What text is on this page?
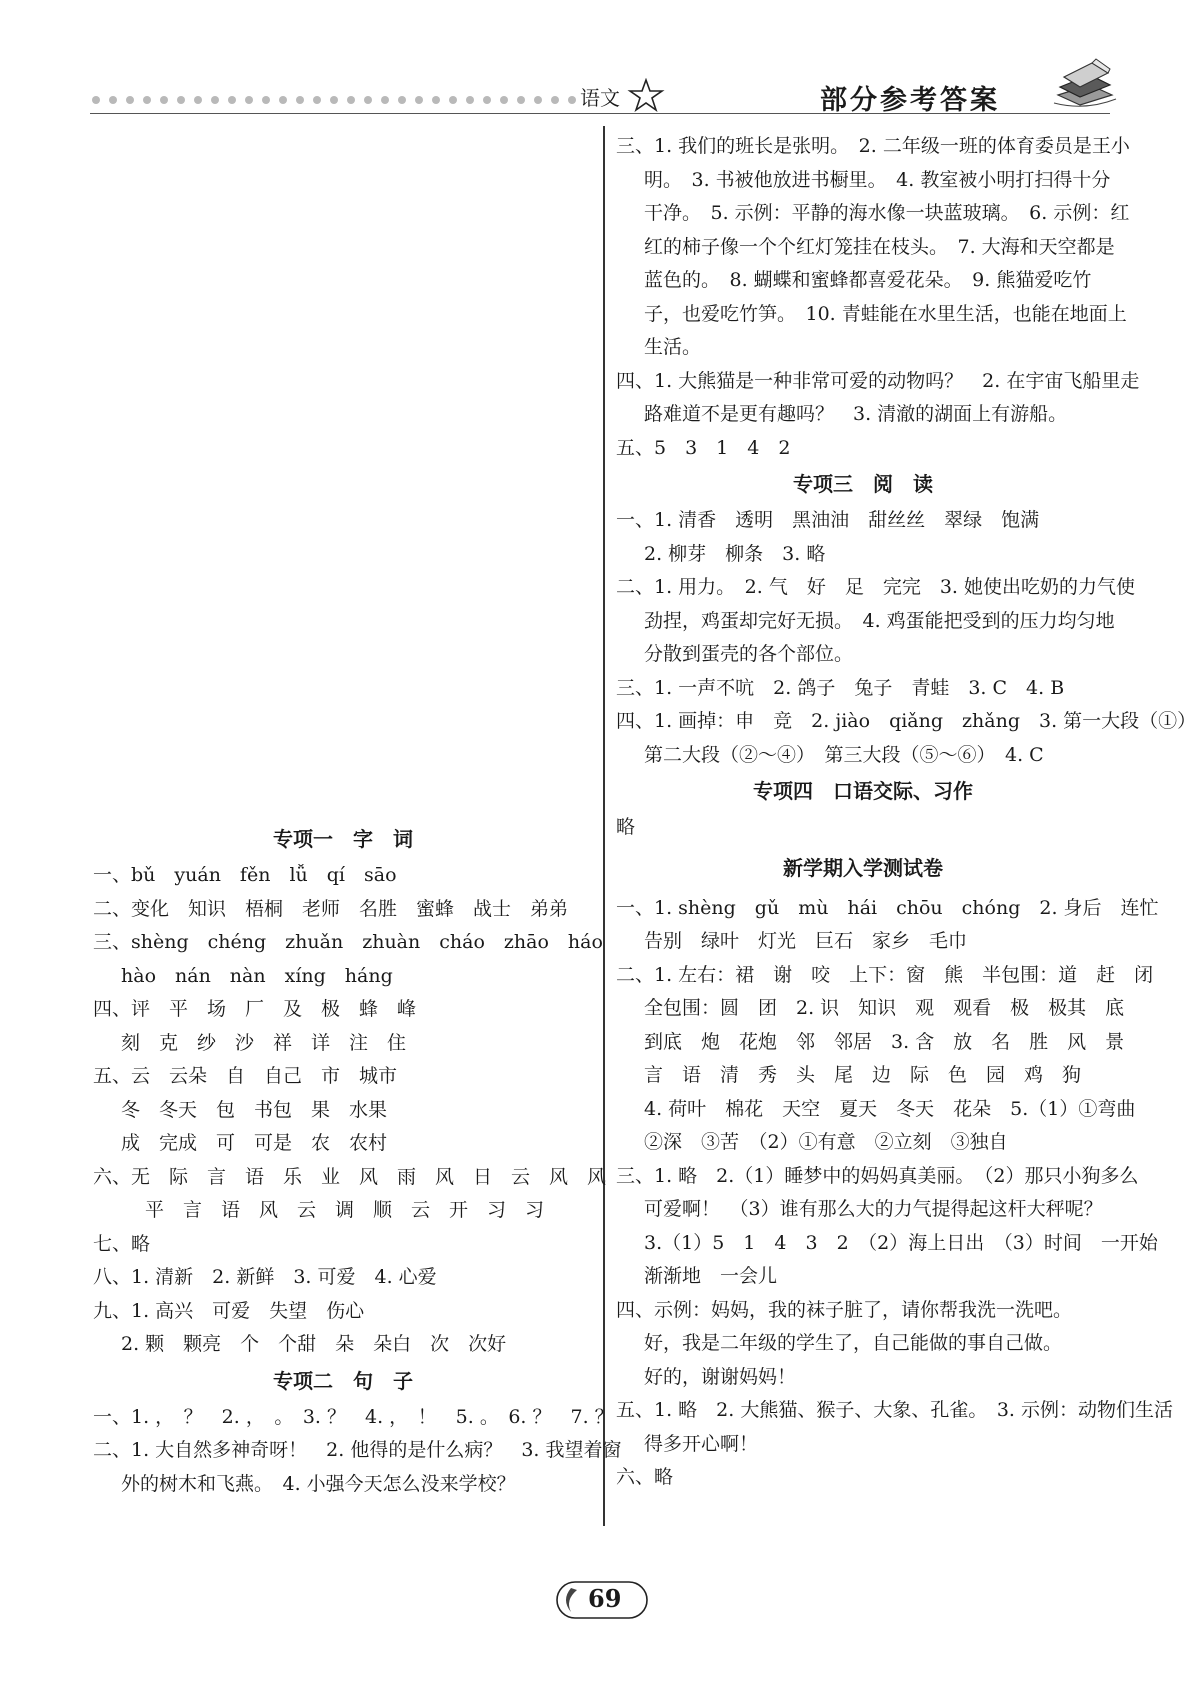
语文	部分参考答案
专项一　字　词
一、bǔ　yuán　fěn　lǚ　qí　sāo
二、变化　知识　梧桐　老师　名胜　蜜蜂　战士　弟弟
三、shèng　chéng　zhuǎn　zhuàn　cháo　zhāo　háo
hào　nán　nàn　xíng　háng
四、评　平　场　厂　及　极　蜂　峰
刻　克　纱　沙　祥　详　注　住
五、云　云朵　自　自己　市　城市
冬　冬天　包　书包　果　水果
成　完成　可　可是　农　农村
六、无　际　言　语　乐　业　风　雨　风　日　云　风　风
平　言　语　风　云　调　顺　云　开　习　习
七、略
八、1. 清新　2. 新鲜　3. 可爱　4. 心爱
九、1. 高兴　可爱　失望　伤心
2. 颗　颗亮　个　个甜　朵　朵白　次　次好
专项二　句　子
一、1. ，　？　2. ，　。　3. ？　4. ，　！　5. 。　6. ？　7. ？
二、1. 大自然多神奇呀！　2. 他得的是什么病？　3. 我望着窗
外的树木和飞燕。　4. 小强今天怎么没来学校？
三、1. 我们的班长是张明。　2. 二年级一班的体育委员是王小
明。　3. 书被他放进书橱里。　4. 教室被小明打扫得十分
干净。　5. 示例：平静的海水像一块蓝玻璃。　6. 示例：红
红的柿子像一个个红灯笼挂在枝头。　7. 大海和天空都是
蓝色的。　8. 蝴蝶和蜜蜂都喜爱花朵。　9. 熊猫爱吃竹
子，也爱吃竹笋。　10. 青蛙能在水里生活，也能在地面上
生活。
四、1. 大熊猫是一种非常可爱的动物吗？　2. 在宇宙飞船里走
路难道不是更有趣吗？　3. 清澈的湖面上有游船。
五、5　3　1　4　2
专项三　阅　读
一、1. 清香　透明　黑油油　甜丝丝　翠绿　饱满
2. 柳芽　柳条　3. 略
二、1. 用力。　2. 气　好　足　完完　3. 她使出吃奶的力气使
劲捏，鸡蛋却完好无损。　4. 鸡蛋能把受到的压力均匀地
分散到蛋壳的各个部位。
三、1. 一声不吭　2. 鸽子　兔子　青蛙　3. C　4. B
四、1. 画掉：申　竞　2. jiào　qiǎng　zhǎng　3. 第一大段（①）
第二大段（②～④）　第三大段（⑤～⑥）　4. C
专项四　口语交际、习作
略
新学期入学测试卷
一、1. shèng　gǔ　mù　hái　chōu　chóng　2. 身后　连忙
告别　绿叶　灯光　巨石　家乡　毛巾
二、1. 左右：裙　谢　咬　上下：窗　熊　半包围：道　赶　闭
全包围：圆　团　2. 识　知识　观　观看　极　极其　底
到底　炮　花炮　邻　邻居　3. 含　放　名　胜　风　景
言　语　清　秀　头　尾　边　际　色　园　鸡　狗
4. 荷叶　棉花　天空　夏天　冬天　花朵　5.（1）①弯曲
②深　③苦　（2）①有意　②立刻　③独自
三、1. 略　2.（1）睡梦中的妈妈真美丽。　（2）那只小狗多么
可爱啊！　（3）谁有那么大的力气提得起这杆大秤呢？
3.（1）5　1　4　3　2　（2）海上日出　（3）时间　一开始
渐渐地　一会儿
四、示例：妈妈，我的袜子脏了，请你帮我洗一洗吧。
好，我是二年级的学生了，自己能做的事自己做。
好的，谢谢妈妈！
五、1. 略　2. 大熊猫、猴子、大象、孔雀。　3. 示例：动物们生活
得多开心啊！
六、略
69
